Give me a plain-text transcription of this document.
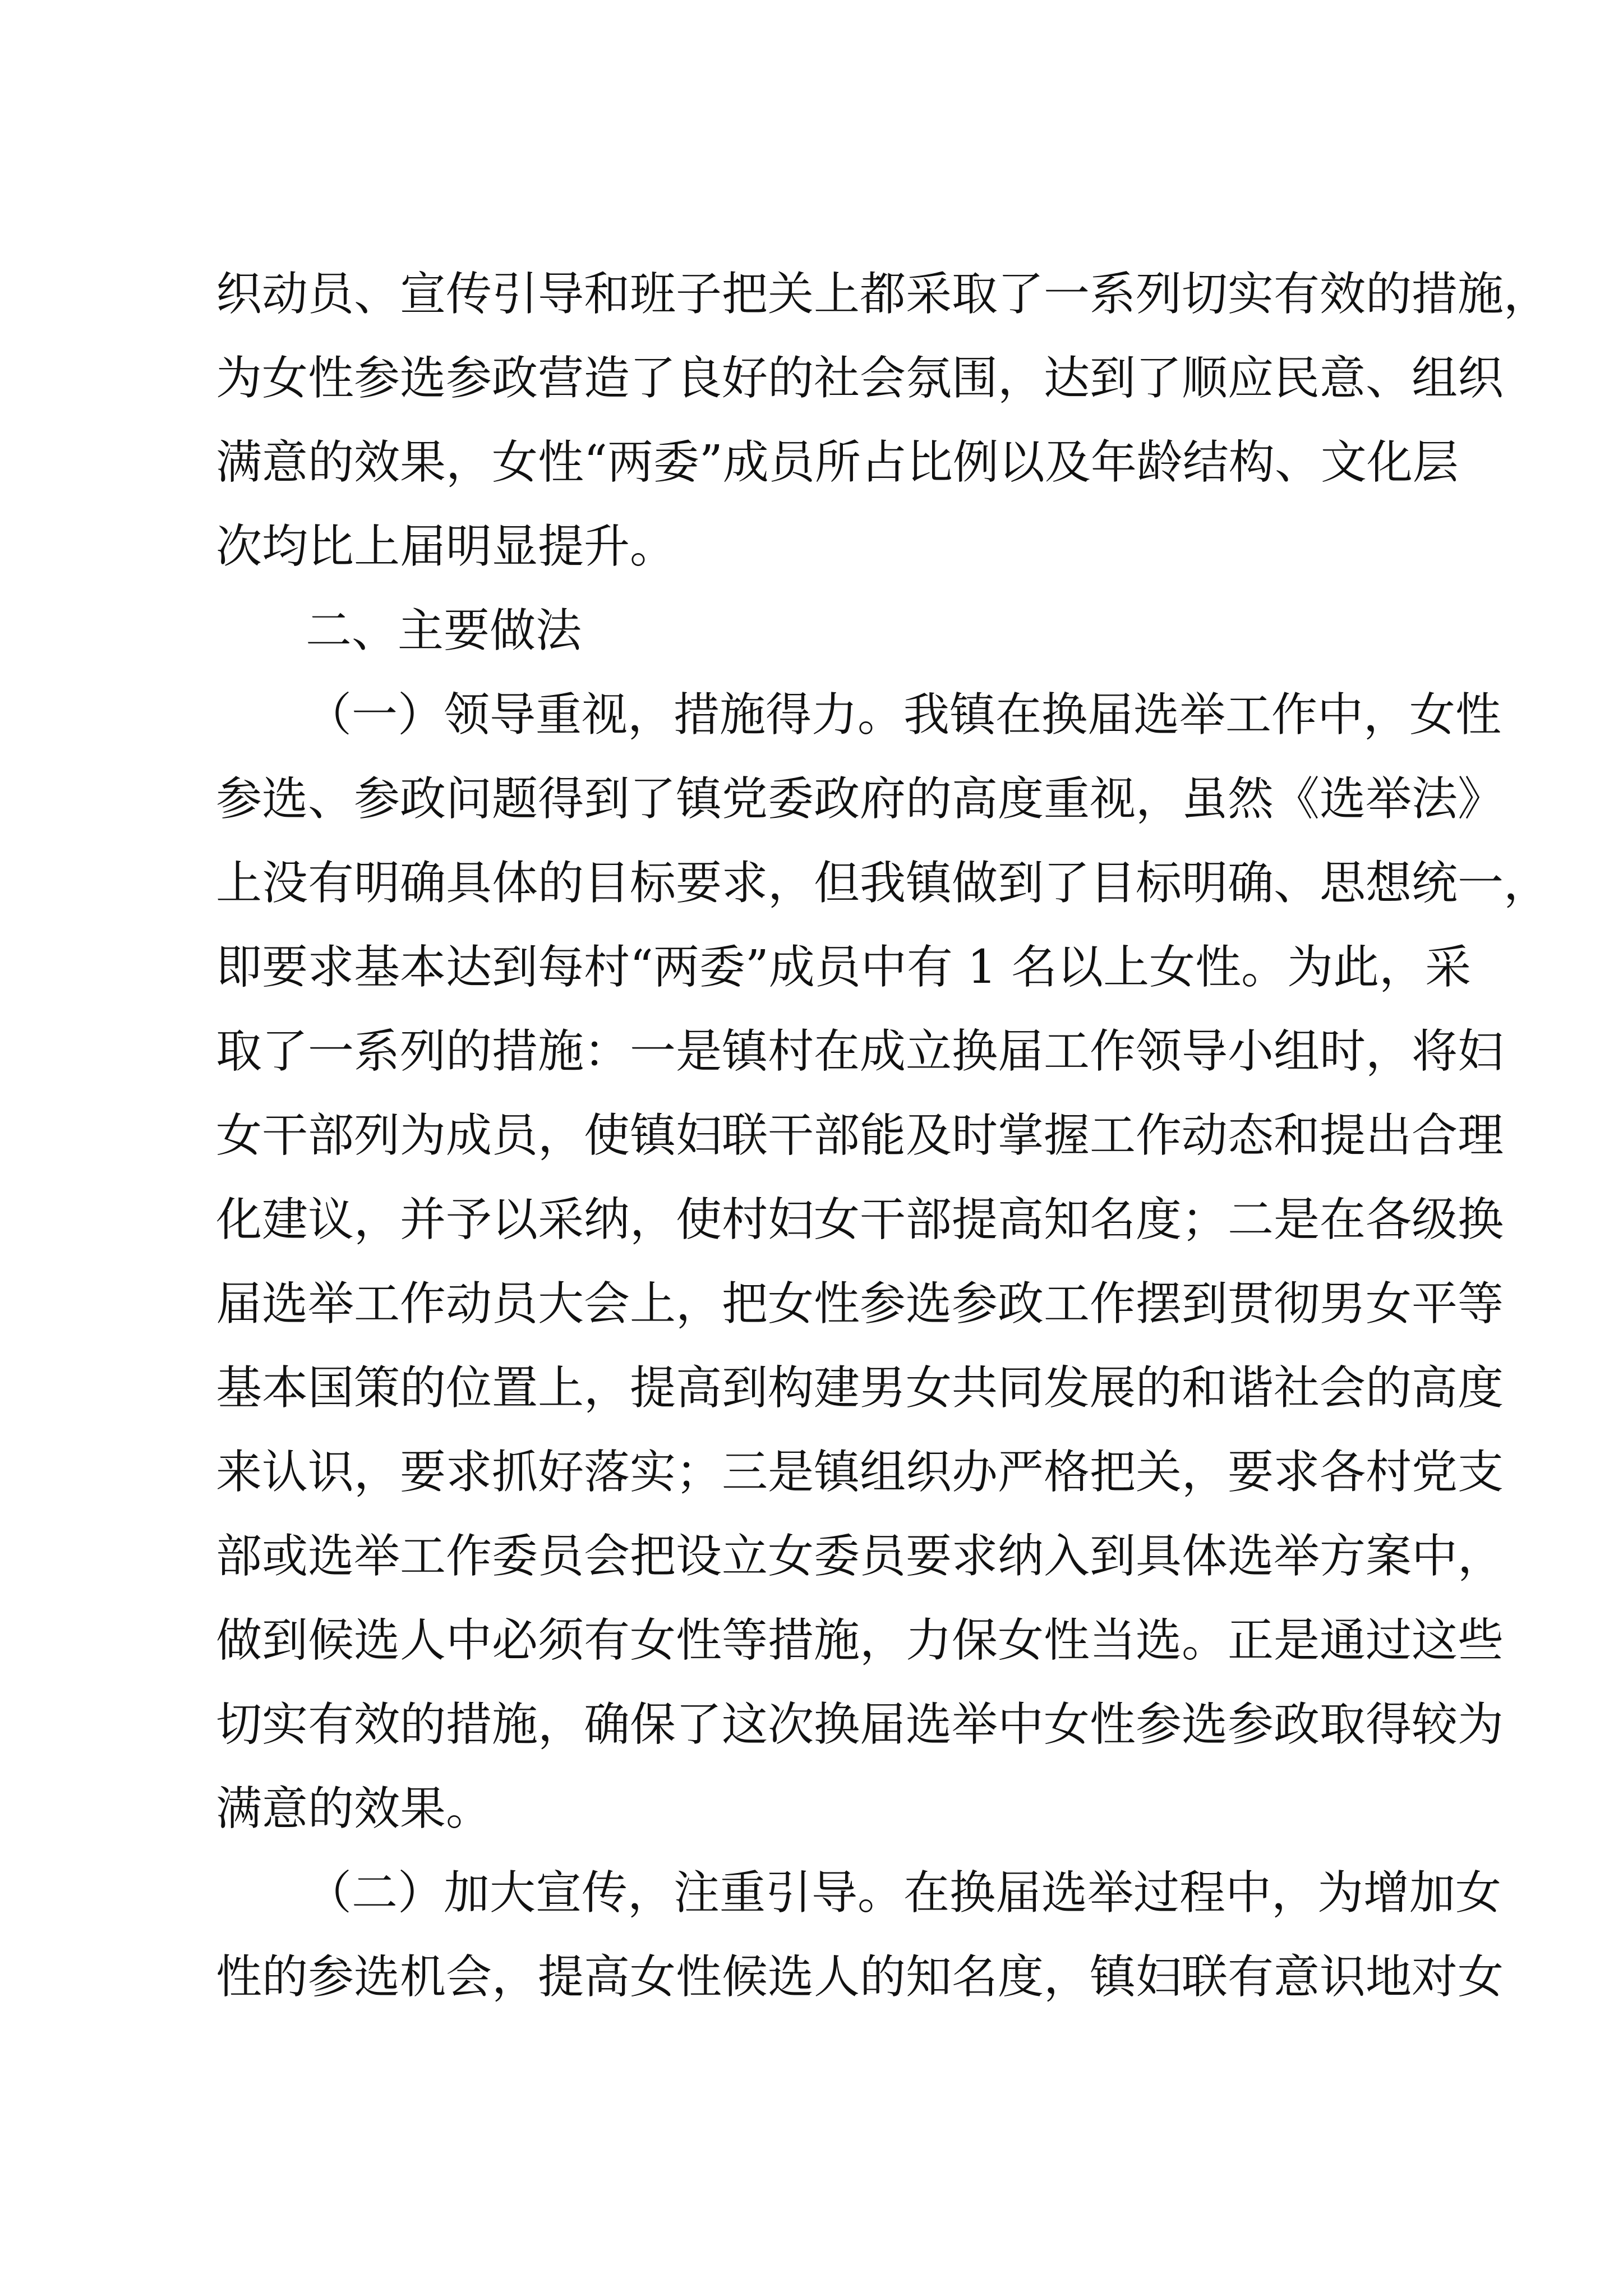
织动员、宣传引导和班子把关上都采取了一系列切实有效的措施，
为女性参选参政营造了良好的社会氛围，达到了顺应民意、组织
满意的效果，女性“两委”成员所占比例以及年龄结构、文化层
次均比上届明显提升。
二、主要做法
（一）领导重视，措施得力。我镇在换届选举工作中，女性
参选、参政问题得到了镇党委政府的高度重视，虽然《选举法》
上没有明确具体的目标要求，但我镇做到了目标明确、思想统一，
即要求基本达到每村“两委”成员中有 1 名以上女性。为此，采
取了一系列的措施：一是镇村在成立换届工作领导小组时，将妇
女干部列为成员，使镇妇联干部能及时掌握工作动态和提出合理
化建议，并予以采纳，使村妇女干部提高知名度；二是在各级换
届选举工作动员大会上，把女性参选参政工作摆到贯彻男女平等
基本国策的位置上，提高到构建男女共同发展的和谐社会的高度
来认识，要求抓好落实；三是镇组织办严格把关，要求各村党支
部或选举工作委员会把设立女委员要求纳入到具体选举方案中，
做到候选人中必须有女性等措施，力保女性当选。正是通过这些
切实有效的措施，确保了这次换届选举中女性参选参政取得较为
满意的效果。
（二）加大宣传，注重引导。在换届选举过程中，为增加女
性的参选机会，提高女性候选人的知名度，镇妇联有意识地对女
